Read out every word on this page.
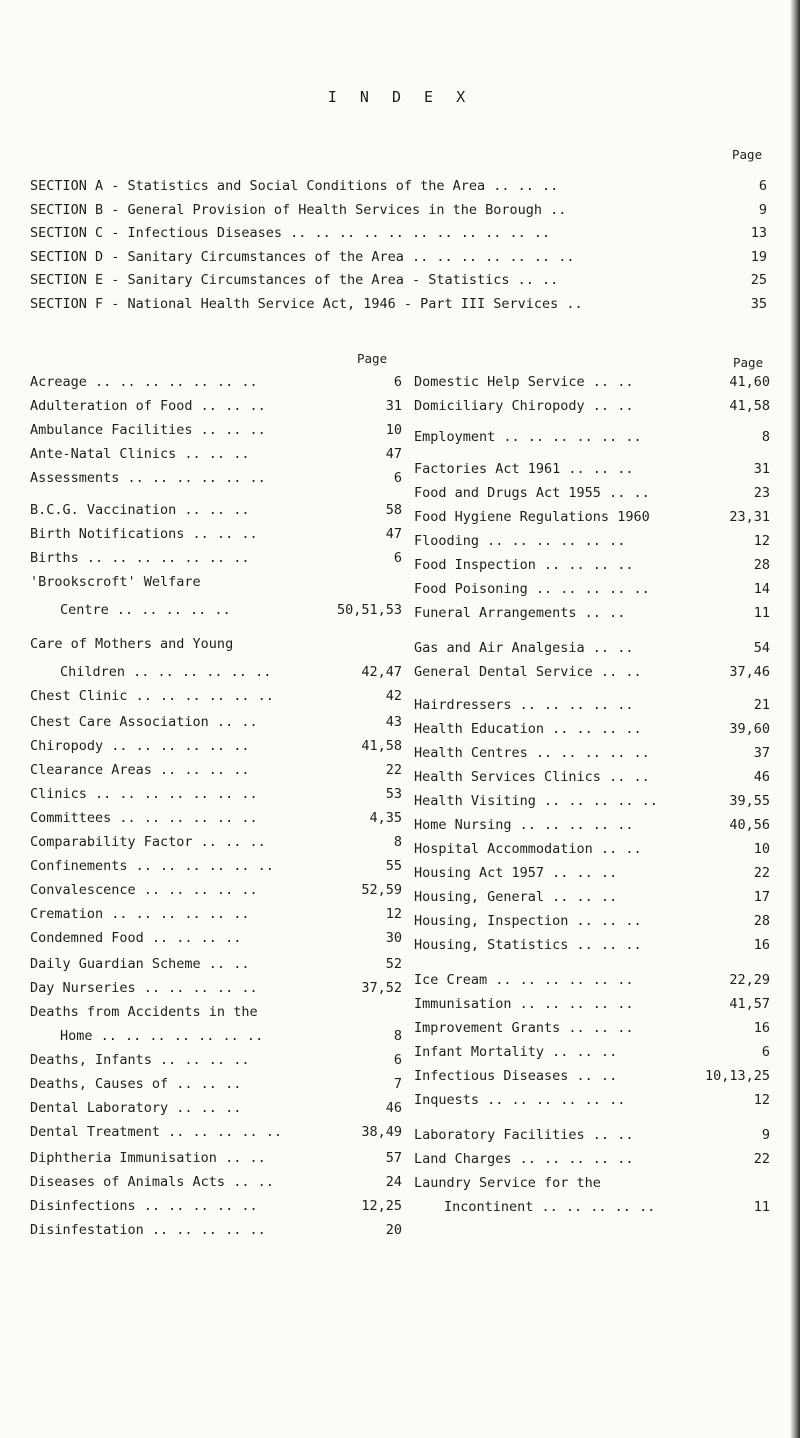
I N D E X
Page
SECTION A - Statistics and Social Conditions of the Area .. .. ..	6
SECTION B - General Provision of Health Services in the Borough ..	9
SECTION C - Infectious Diseases .. .. .. .. .. .. .. .. .. .. ..	13
SECTION D - Sanitary Circumstances of the Area .. .. .. .. .. .. ..	19
SECTION E - Sanitary Circumstances of the Area - Statistics .. ..	25
SECTION F - National Health Service Act, 1946 - Part III Services ..	35
Page	Page
Acreage .. .. .. .. .. .. ..	6
Adulteration of Food .. .. ..	31
Ambulance Facilities .. .. ..	10
Ante-Natal Clinics .. .. ..	47
Assessments .. .. .. .. .. ..	6
B.C.G. Vaccination .. .. ..	58
Birth Notifications .. .. ..	47
Births .. .. .. .. .. .. ..	6
'Brookscroft' Welfare
Centre .. .. .. .. ..	50,51,53
Care of Mothers and Young
Children .. .. .. .. .. ..	42,47
Chest Clinic .. .. .. .. .. ..	42
Chest Care Association .. ..	43
Chiropody .. .. .. .. .. ..	41,58
Clearance Areas .. .. .. ..	22
Clinics .. .. .. .. .. .. ..	53
Committees .. .. .. .. .. ..	4,35
Comparability Factor .. .. ..	8
Confinements .. .. .. .. .. ..	55
Convalescence .. .. .. .. ..	52,59
Cremation .. .. .. .. .. ..	12
Condemned Food .. .. .. ..	30
Daily Guardian Scheme .. ..	52
Day Nurseries .. .. .. .. ..	37,52
Deaths from Accidents in the
Home .. .. .. .. .. .. ..	8
Deaths, Infants .. .. .. ..	6
Deaths, Causes of .. .. ..	7
Dental Laboratory .. .. ..	46
Dental Treatment .. .. .. .. ..	38,49
Diphtheria Immunisation .. ..	57
Diseases of Animals Acts .. ..	24
Disinfections .. .. .. .. ..	12,25
Disinfestation .. .. .. .. ..	20
Domestic Help Service .. ..	41,60
Domiciliary Chiropody .. ..	41,58
Employment .. .. .. .. .. ..	8
Factories Act 1961 .. .. ..	31
Food and Drugs Act 1955 .. ..	23
Food Hygiene Regulations 1960	23,31
Flooding .. .. .. .. .. ..	12
Food Inspection .. .. .. ..	28
Food Poisoning .. .. .. .. ..	14
Funeral Arrangements .. ..	11
Gas and Air Analgesia .. ..	54
General Dental Service .. ..	37,46
Hairdressers .. .. .. .. ..	21
Health Education .. .. .. ..	39,60
Health Centres .. .. .. .. ..	37
Health Services Clinics .. ..	46
Health Visiting .. .. .. .. ..	39,55
Home Nursing .. .. .. .. ..	40,56
Hospital Accommodation .. ..	10
Housing Act 1957 .. .. ..	22
Housing, General .. .. ..	17
Housing, Inspection .. .. ..	28
Housing, Statistics .. .. ..	16
Ice Cream .. .. .. .. .. ..	22,29
Immunisation .. .. .. .. ..	41,57
Improvement Grants .. .. ..	16
Infant Mortality .. .. ..	6
Infectious Diseases .. ..	10,13,25
Inquests .. .. .. .. .. ..	12
Laboratory Facilities .. ..	9
Land Charges .. .. .. .. ..	22
Laundry Service for the
Incontinent .. .. .. .. ..	11
